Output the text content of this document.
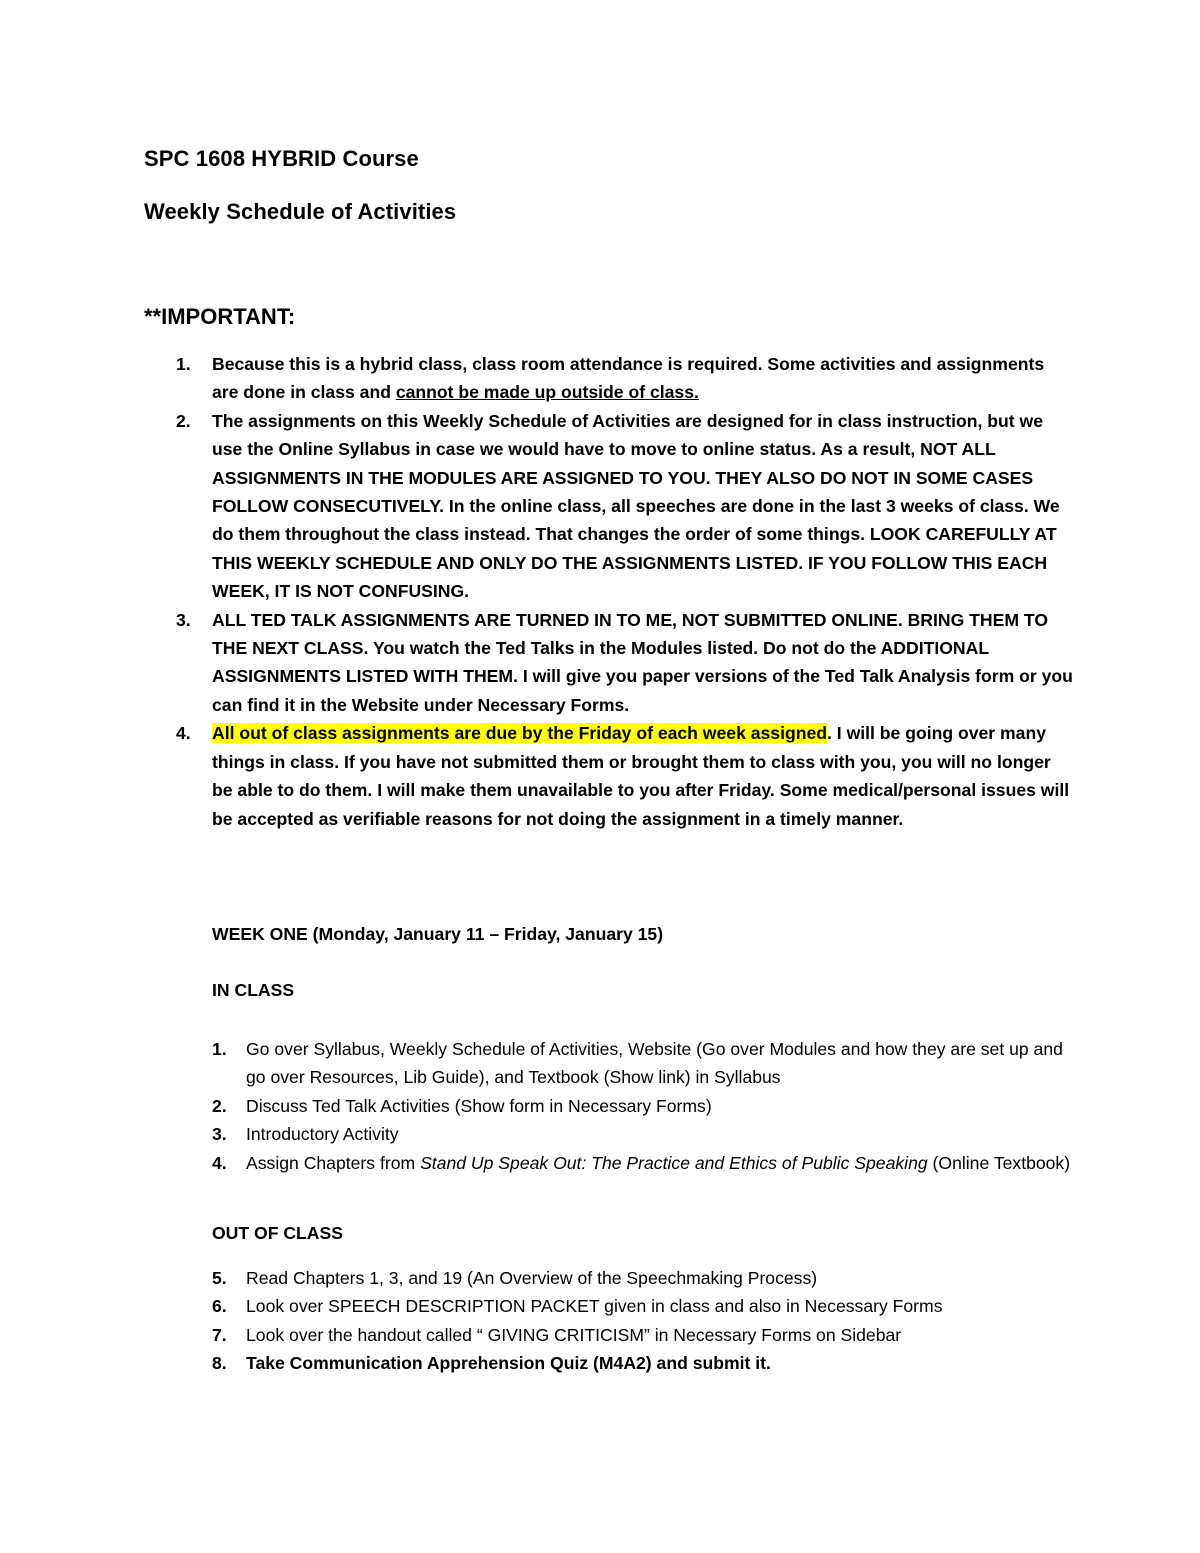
SPC 1608 HYBRID Course
Weekly Schedule of Activities
**IMPORTANT:
1. Because this is a hybrid class, class room attendance is required. Some activities and assignments are done in class and cannot be made up outside of class.
2. The assignments on this Weekly Schedule of Activities are designed for in class instruction, but we use the Online Syllabus in case we would have to move to online status. As a result, NOT ALL ASSIGNMENTS IN THE MODULES ARE ASSIGNED TO YOU. THEY ALSO DO NOT IN SOME CASES FOLLOW CONSECUTIVELY. In the online class, all speeches are done in the last 3 weeks of class. We do them throughout the class instead. That changes the order of some things. LOOK CAREFULLY AT THIS WEEKLY SCHEDULE AND ONLY DO THE ASSIGNMENTS LISTED. IF YOU FOLLOW THIS EACH WEEK, IT IS NOT CONFUSING.
3. ALL TED TALK ASSIGNMENTS ARE TURNED IN TO ME, NOT SUBMITTED ONLINE. BRING THEM TO THE NEXT CLASS. You watch the Ted Talks in the Modules listed. Do not do the ADDITIONAL ASSIGNMENTS LISTED WITH THEM. I will give you paper versions of the Ted Talk Analysis form or you can find it in the Website under Necessary Forms.
4. All out of class assignments are due by the Friday of each week assigned. I will be going over many things in class. If you have not submitted them or brought them to class with you, you will no longer be able to do them. I will make them unavailable to you after Friday. Some medical/personal issues will be accepted as verifiable reasons for not doing the assignment in a timely manner.
WEEK ONE (Monday, January 11 – Friday, January 15)
IN CLASS
1. Go over Syllabus, Weekly Schedule of Activities, Website (Go over Modules and how they are set up and go over Resources, Lib Guide), and Textbook (Show link) in Syllabus
2. Discuss Ted Talk Activities (Show form in Necessary Forms)
3. Introductory Activity
4. Assign Chapters from Stand Up Speak Out: The Practice and Ethics of Public Speaking (Online Textbook)
OUT OF CLASS
5. Read Chapters 1, 3, and 19 (An Overview of the Speechmaking Process)
6. Look over SPEECH DESCRIPTION PACKET given in class and also in Necessary Forms
7. Look over the handout called “ GIVING CRITICISM” in Necessary Forms on Sidebar
8. Take Communication Apprehension Quiz (M4A2) and submit it.
